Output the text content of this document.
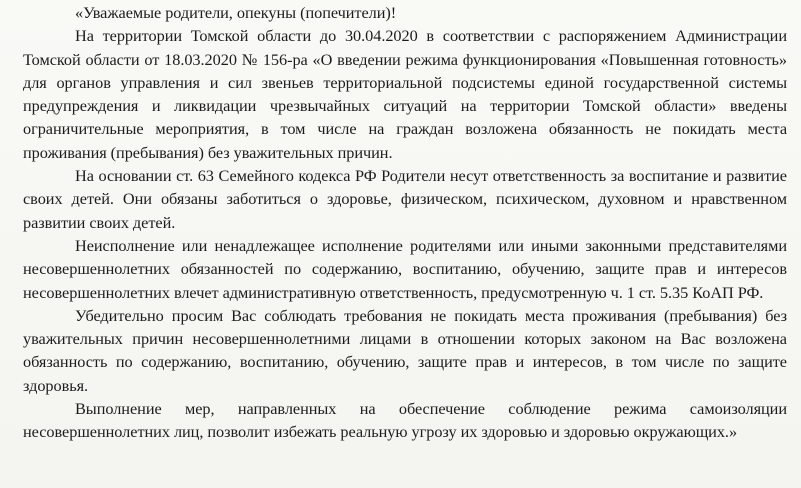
«Уважаемые родители, опекуны (попечители)!

На территории Томской области до 30.04.2020 в соответствии с распоряжением Администрации Томской области от 18.03.2020 № 156-ра «О введении режима функционирования «Повышенная готовность» для органов управления и сил звеньев территориальной подсистемы единой государственной системы предупреждения и ликвидации чрезвычайных ситуаций на территории Томской области» введены ограничительные мероприятия, в том числе на граждан возложена обязанность не покидать места проживания (пребывания) без уважительных причин.

На основании ст. 63 Семейного кодекса РФ Родители несут ответственность за воспитание и развитие своих детей. Они обязаны заботиться о здоровье, физическом, психическом, духовном и нравственном развитии своих детей.

Неисполнение или ненадлежащее исполнение родителями или иными законными представителями несовершеннолетних обязанностей по содержанию, воспитанию, обучению, защите прав и интересов несовершеннолетних влечет административную ответственность, предусмотренную ч. 1 ст. 5.35 КоАП РФ.

Убедительно просим Вас соблюдать требования не покидать места проживания (пребывания) без уважительных причин несовершеннолетними лицами в отношении которых законом на Вас возложена обязанность по содержанию, воспитанию, обучению, защите прав и интересов, в том числе по защите здоровья.

Выполнение мер, направленных на обеспечение соблюдение режима самоизоляции несовершеннолетних лиц, позволит избежать реальную угрозу их здоровью и здоровью окружающих.»
